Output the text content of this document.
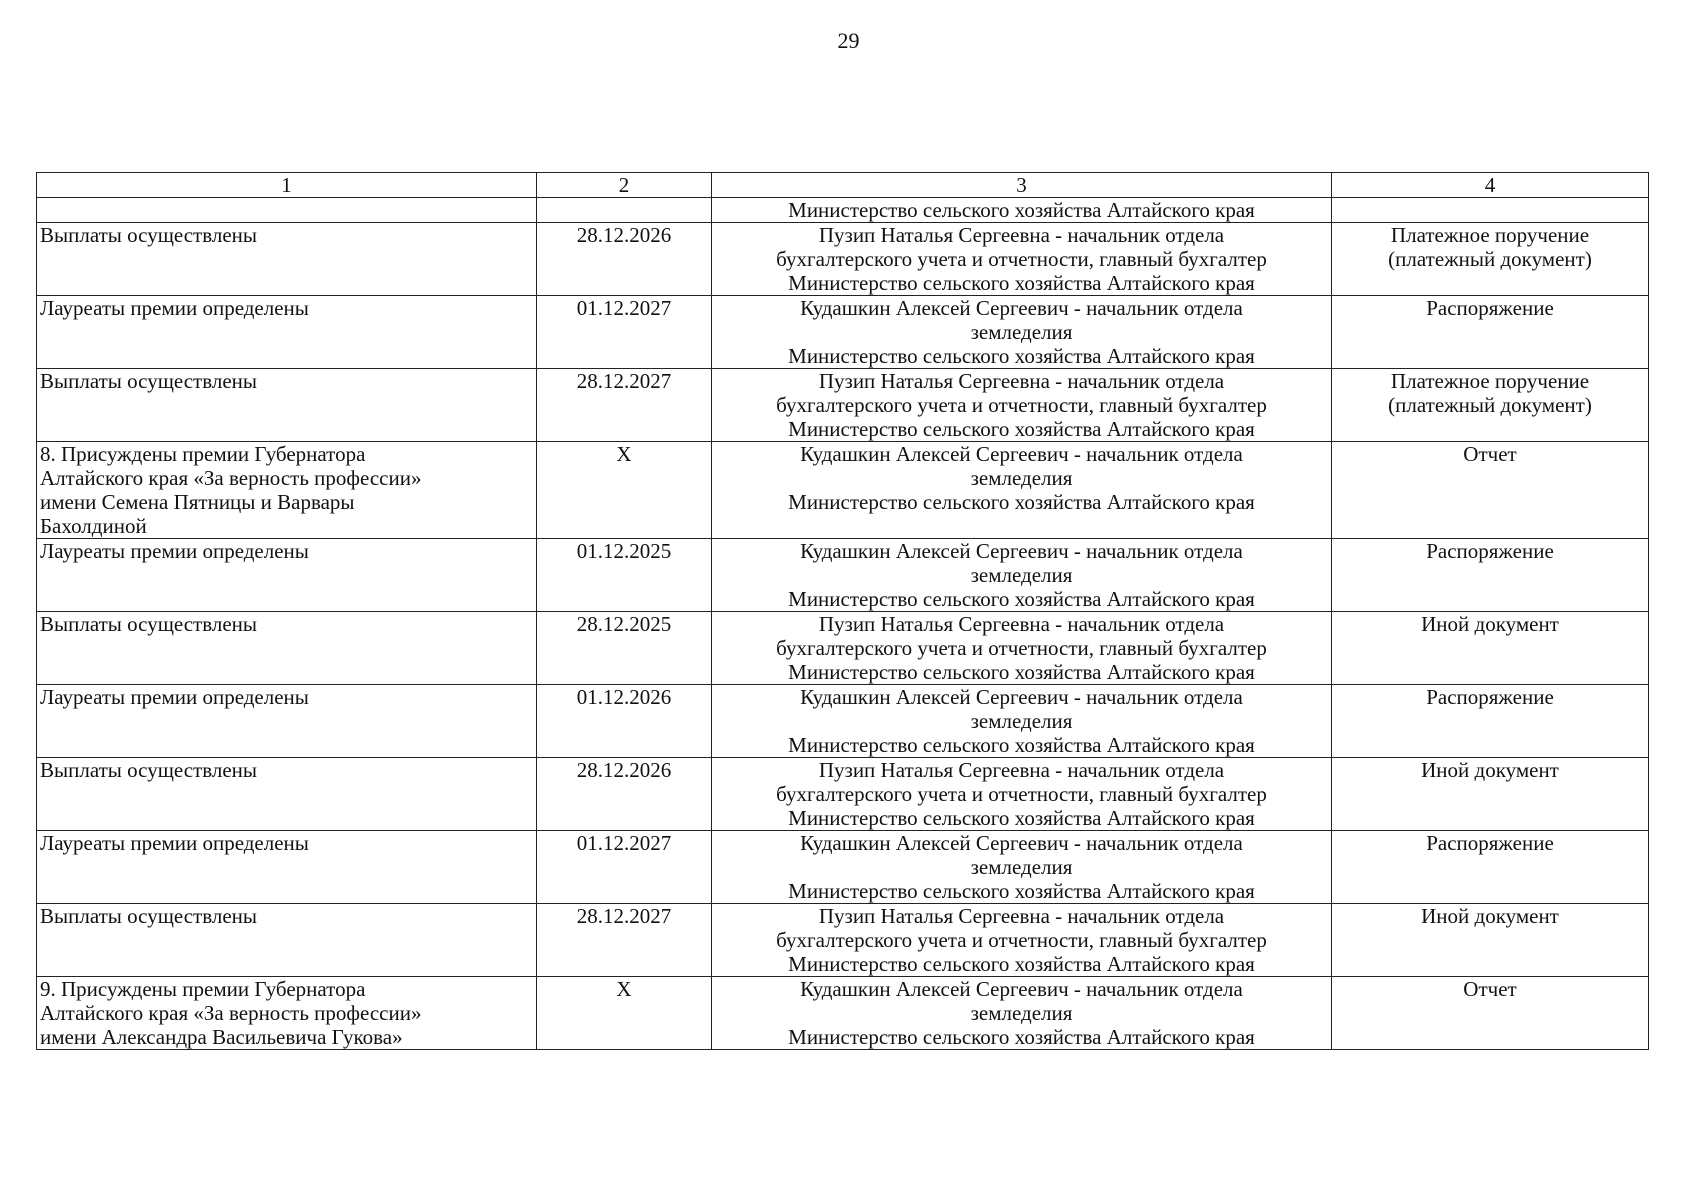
29
1	2	3	4

		Министерство сельского хозяйства Алтайского края	

Выплаты осуществлены	28.12.2026	Пузип Наталья Сергеевна - начальник отдела
бухгалтерского учета и отчетности, главный бухгалтер
Министерство сельского хозяйства Алтайского края	Платежное поручение
(платежный документ)

Лауреаты премии определены	01.12.2027	Кудашкин Алексей Сергеевич - начальник отдела
земледелия
Министерство сельского хозяйства Алтайского края	Распоряжение

Выплаты осуществлены	28.12.2027	Пузип Наталья Сергеевна - начальник отдела
бухгалтерского учета и отчетности, главный бухгалтер
Министерство сельского хозяйства Алтайского края	Платежное поручение
(платежный документ)

8. Присуждены премии Губернатора
Алтайского края «За верность профессии»
имени Семена Пятницы и Варвары
Бахолдиной	X	Кудашкин Алексей Сергеевич - начальник отдела
земледелия
Министерство сельского хозяйства Алтайского края	Отчет

Лауреаты премии определены	01.12.2025	Кудашкин Алексей Сергеевич - начальник отдела
земледелия
Министерство сельского хозяйства Алтайского края	Распоряжение

Выплаты осуществлены	28.12.2025	Пузип Наталья Сергеевна - начальник отдела
бухгалтерского учета и отчетности, главный бухгалтер
Министерство сельского хозяйства Алтайского края	Иной документ

Лауреаты премии определены	01.12.2026	Кудашкин Алексей Сергеевич - начальник отдела
земледелия
Министерство сельского хозяйства Алтайского края	Распоряжение

Выплаты осуществлены	28.12.2026	Пузип Наталья Сергеевна - начальник отдела
бухгалтерского учета и отчетности, главный бухгалтер
Министерство сельского хозяйства Алтайского края	Иной документ

Лауреаты премии определены	01.12.2027	Кудашкин Алексей Сергеевич - начальник отдела
земледелия
Министерство сельского хозяйства Алтайского края	Распоряжение

Выплаты осуществлены	28.12.2027	Пузип Наталья Сергеевна - начальник отдела
бухгалтерского учета и отчетности, главный бухгалтер
Министерство сельского хозяйства Алтайского края	Иной документ

9. Присуждены премии Губернатора
Алтайского края «За верность профессии»
имени Александра Васильевича Гукова»	X	Кудашкин Алексей Сергеевич - начальник отдела
земледелия
Министерство сельского хозяйства Алтайского края	Отчет
